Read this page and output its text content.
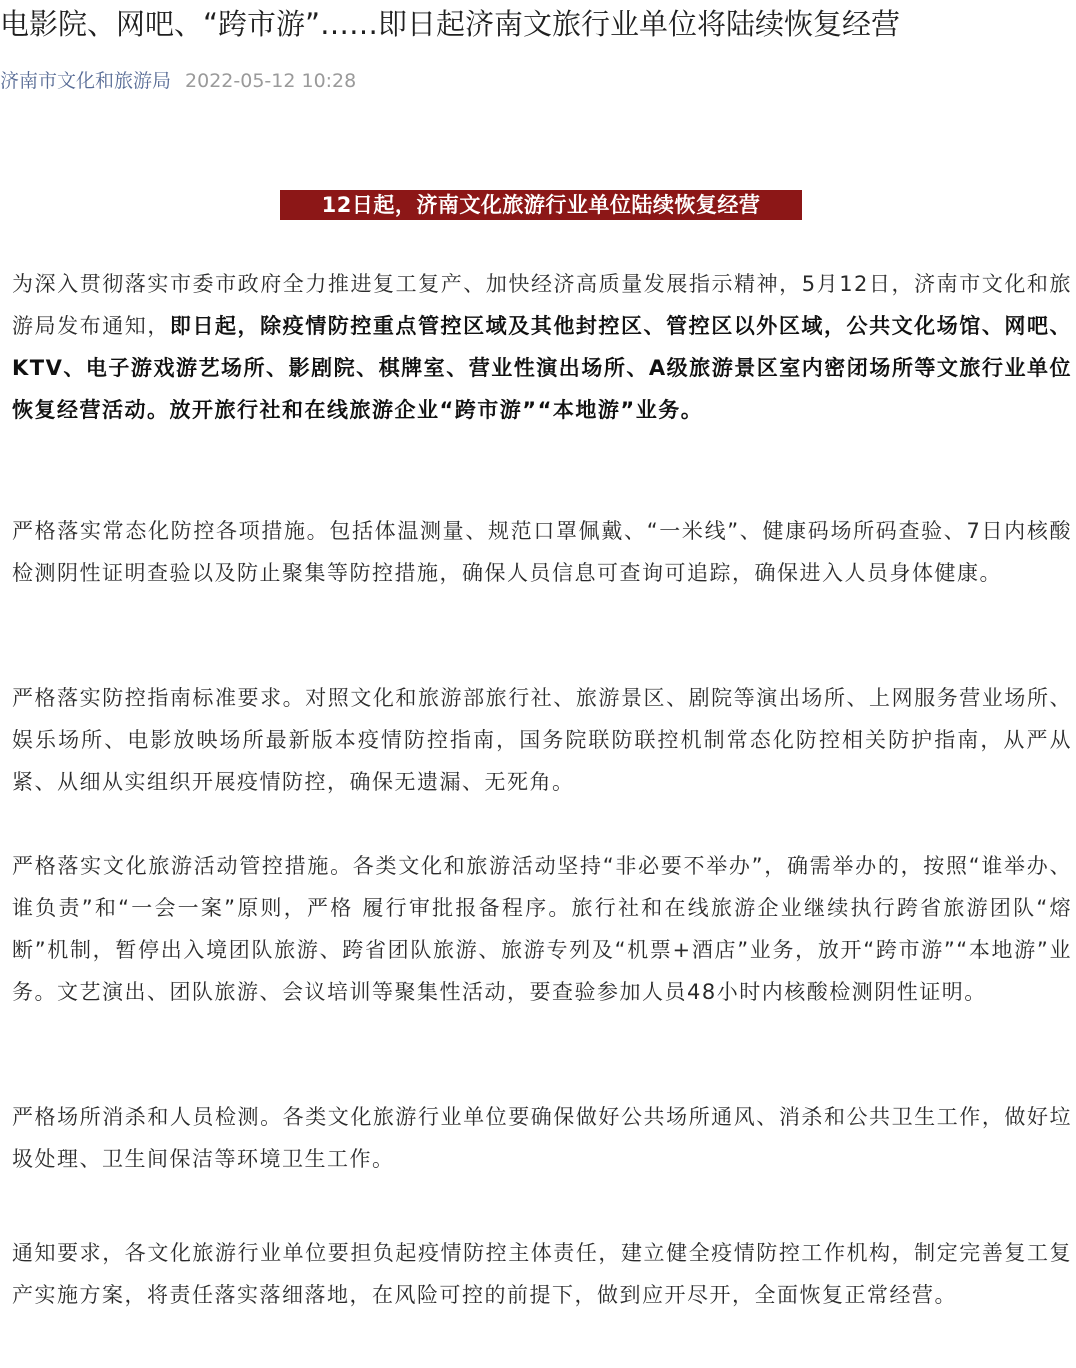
电影院、网吧、“跨市游”……即日起济南文旅行业单位将陆续恢复经营
济南市文化和旅游局 2022-05-12 10:28
12日起，济南文化旅游行业单位陆续恢复经营

为深入贯彻落实市委市政府全力推进复工复产、加快经济高质量发展指示精神，5月12日，济南市文化和旅游局发布通知，即日起，除疫情防控重点管控区域及其他封控区、管控区以外区域，公共文化场馆、网吧、KTV、电子游戏游艺场所、影剧院、棋牌室、营业性演出场所、A级旅游景区室内密闭场所等文旅行业单位恢复经营活动。放开旅行社和在线旅游企业“跨市游”“本地游”业务。

严格落实常态化防控各项措施。包括体温测量、规范口罩佩戴、“一米线”、健康码场所码查验、7日内核酸检测阴性证明查验以及防止聚集等防控措施，确保人员信息可查询可追踪，确保进入人员身体健康。

严格落实防控指南标准要求。对照文化和旅游部旅行社、旅游景区、剧院等演出场所、上网服务营业场所、娱乐场所、电影放映场所最新版本疫情防控指南，国务院联防联控机制常态化防控相关防护指南，从严从紧、从细从实组织开展疫情防控，确保无遗漏、无死角。

严格落实文化旅游活动管控措施。各类文化和旅游活动坚持“非必要不举办”，确需举办的，按照“谁举办、谁负责”和“一会一案”原则，严格 履行审批报备程序。旅行社和在线旅游企业继续执行跨省旅游团队“熔断”机制，暂停出入境团队旅游、跨省团队旅游、旅游专列及“机票+酒店”业务，放开“跨市游”“本地游”业务。文艺演出、团队旅游、会议培训等聚集性活动，要查验参加人员48小时内核酸检测阴性证明。

严格场所消杀和人员检测。各类文化旅游行业单位要确保做好公共场所通风、消杀和公共卫生工作，做好垃圾处理、卫生间保洁等环境卫生工作。

通知要求，各文化旅游行业单位要担负起疫情防控主体责任，建立健全疫情防控工作机构，制定完善复工复产实施方案，将责任落实落细落地，在风险可控的前提下，做到应开尽开，全面恢复正常经营。
